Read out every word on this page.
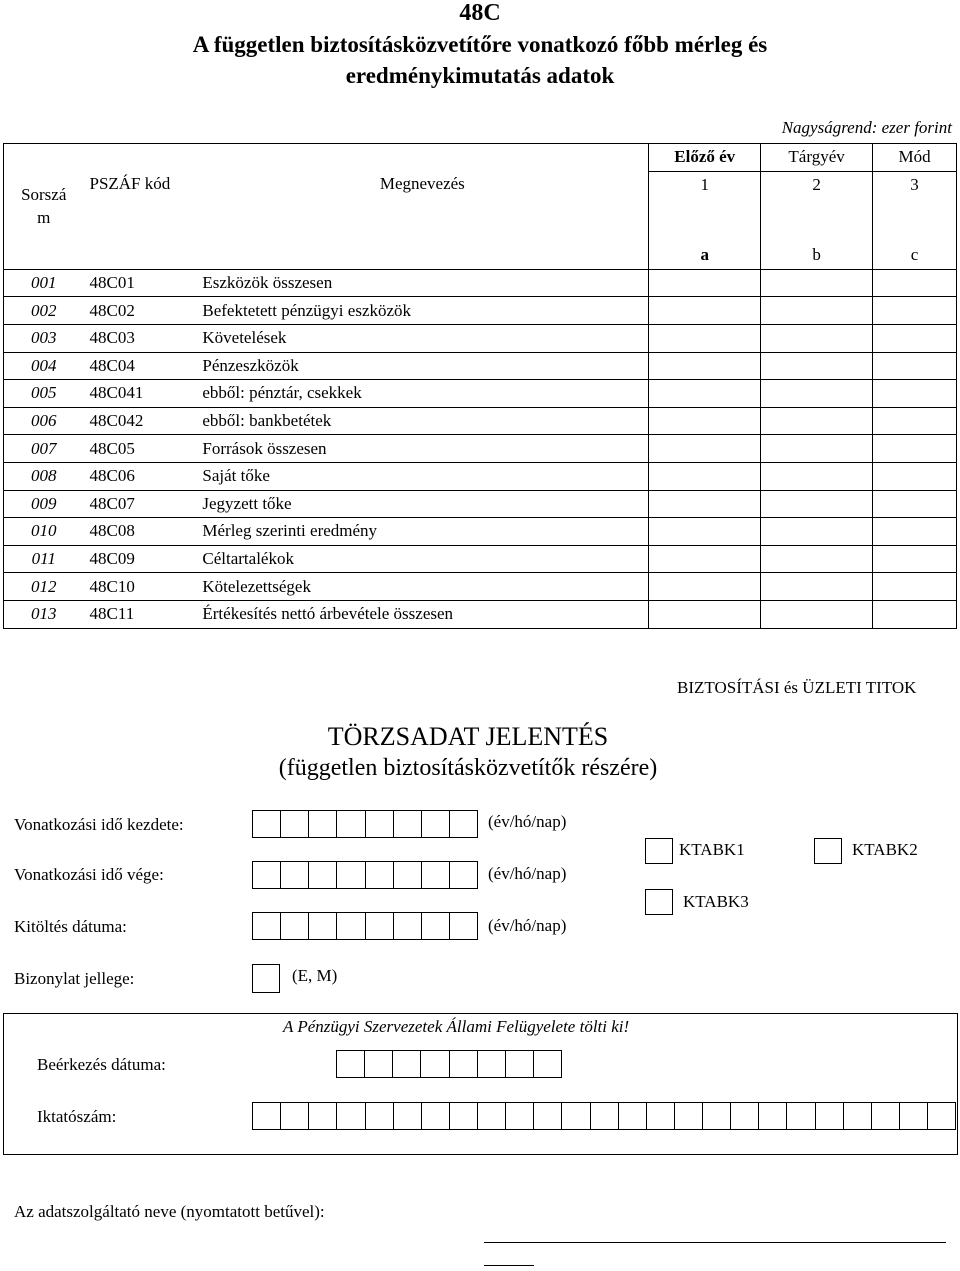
48C
A független biztosításközvetítőre vonatkozó főbb mérleg és
eredménykimutatás adatok
Nagyságrend: ezer forint
Sorszá m	PSZÁF kód	Megnevezés	Előző év	Tárgyév	Mód
			1	2	3

			a	b	c
001	48C01	Eszközök összesen			
002	48C02	Befektetett pénzügyi eszközök			
003	48C03	Követelések			
004	48C04	Pénzeszközök			
005	48C041	ebből: pénztár, csekkek			
006	48C042	ebből: bankbetétek			
007	48C05	Források összesen			
008	48C06	Saját tőke			
009	48C07	Jegyzett tőke			
010	48C08	Mérleg szerinti eredmény			
011	48C09	Céltartalékok			
012	48C10	Kötelezettségek			
013	48C11	Értékesítés nettó árbevétele összesen			
BIZTOSÍTÁSI és ÜZLETI TITOK
TÖRZSADAT JELENTÉS
(független biztosításközvetítők részére)
Vonatkozási idő kezdete:	(év/hó/nap)
Vonatkozási idő vége:	(év/hó/nap)
Kitöltés dátuma:	(év/hó/nap)
Bizonylat jellege:	(E, M)
KTABK1	KTABK2
KTABK3
A Pénzügyi Szervezetek Állami Felügyelete tölti ki!
Beérkezés dátuma:
Iktatószám:
Az adatszolgáltató neve (nyomtatott betűvel):
